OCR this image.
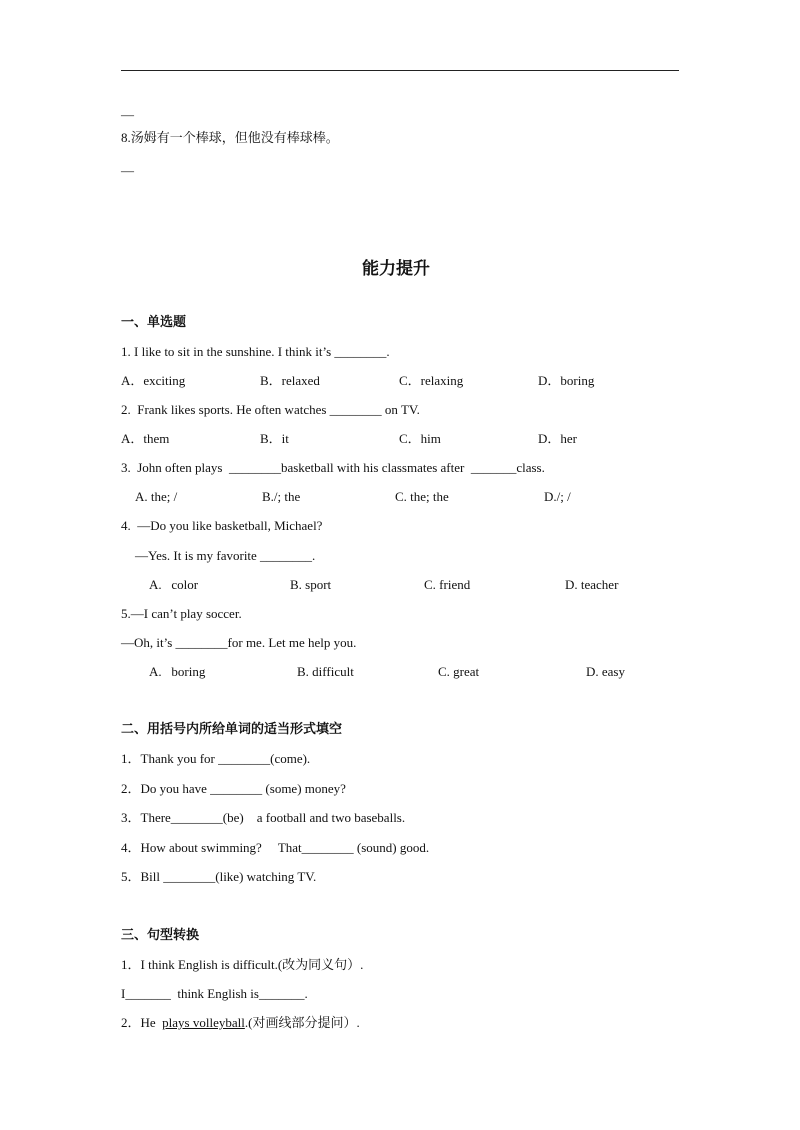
—
8.汤姆有一个棒球，但他没有棒球棒。
—
能力提升
一、单选题
1. I like to sit in the sunshine. I think it’s ________.
A．exciting	B．relaxed	C．relaxing	D．boring
2.  Frank likes sports. He often watches ________ on TV.
A．them	B．it	C．him	D．her
3.  John often plays  ________basketball with his classmates after  _______class.
A. the; /	B./; the	C. the; the	D./; /
4.  —Do you like basketball, Michael?
—Yes. It is my favorite ________.
A.   color	B. sport	C. friend	D. teacher
5.—I can’t play soccer.
—Oh, it’s ________for me. Let me help you.
A.   boring	B. difficult	C. great	D. easy
二、用括号内所给单词的适当形式填空
1．Thank you for ________(come).
2．Do you have ________ (some) money?
3．There________(be)    a football and two baseballs.
4．How about swimming?     That________ (sound) good.
5．Bill ________(like) watching TV.
三、句型转换
1．I think English is difficult.(改为同义句）.
I_______  think English is_______.
2．He  plays volleyball.(对画线部分提问）.
